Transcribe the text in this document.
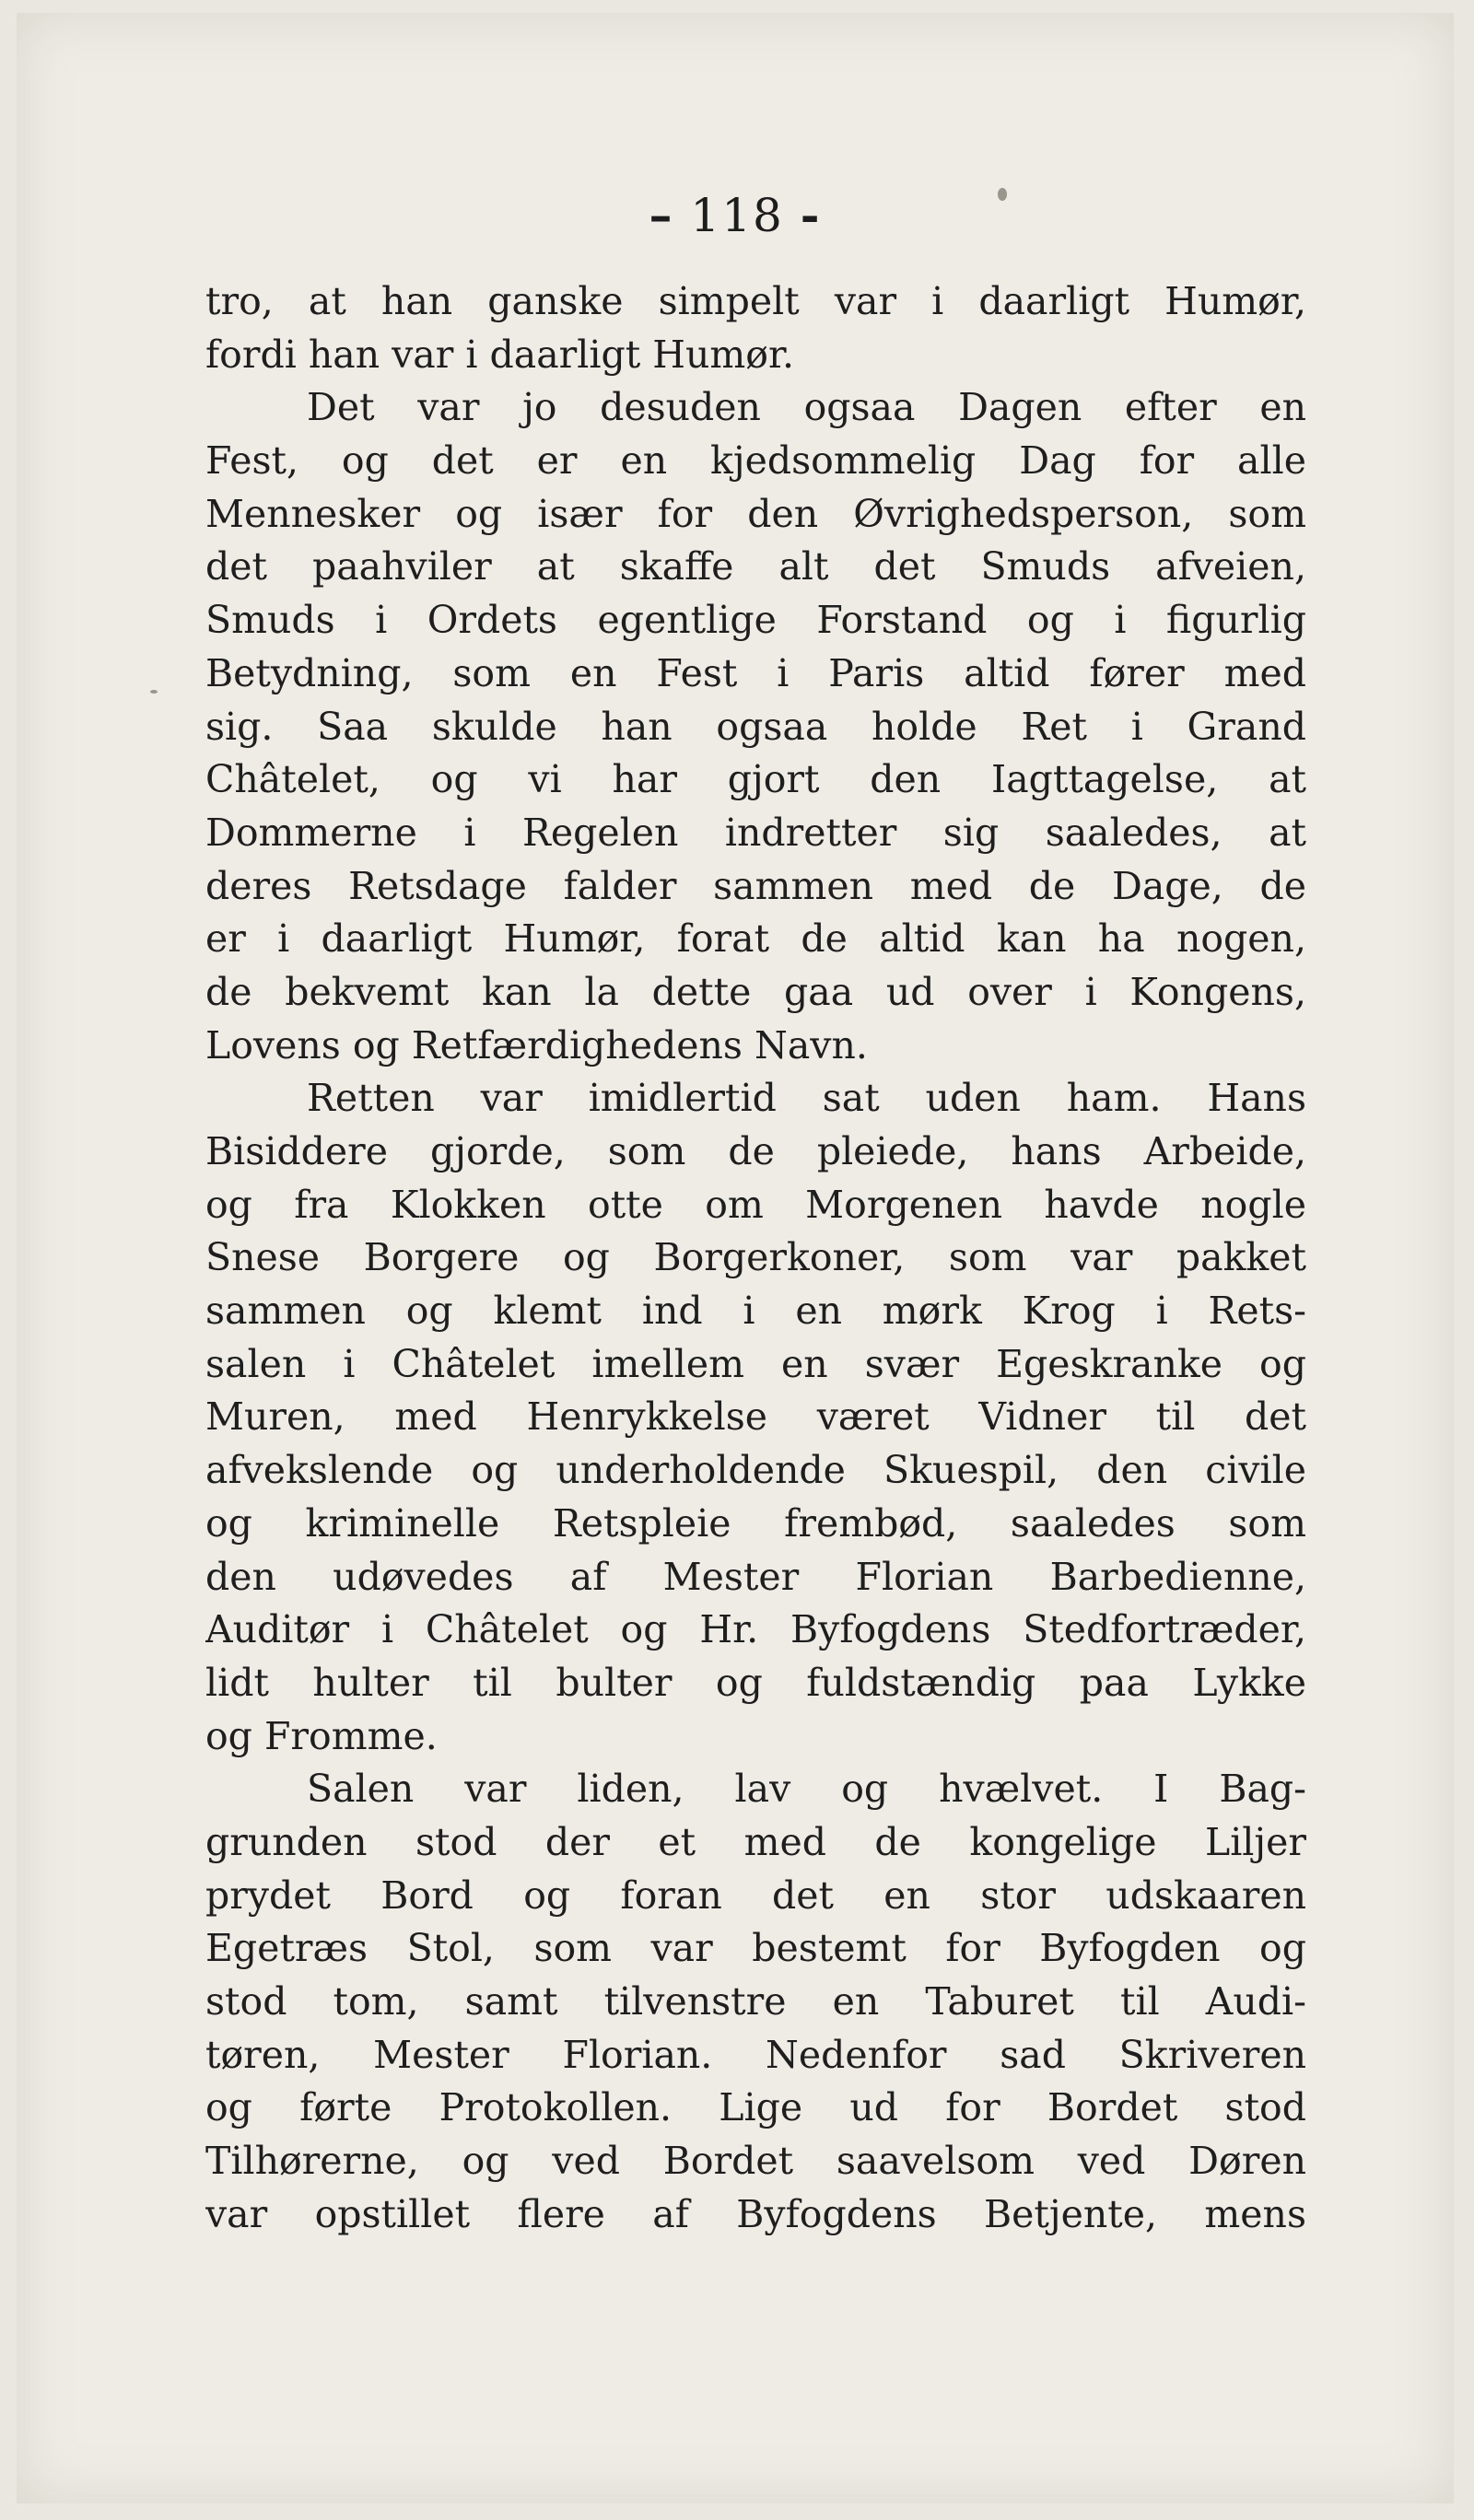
– 118 -
tro, at han ganske simpelt var i daarligt Humør,
fordi han var i daarligt Humør.
Det var jo desuden ogsaa Dagen efter en
Fest, og det er en kjedsommelig Dag for alle
Mennesker og især for den Øvrighedsperson, som
det paahviler at skaffe alt det Smuds afveien,
Smuds i Ordets egentlige Forstand og i figurlig
Betydning, som en Fest i Paris altid fører med
sig. Saa skulde han ogsaa holde Ret i Grand
Châtelet, og vi har gjort den Iagttagelse, at
Dommerne i Regelen indretter sig saaledes, at
deres Retsdage falder sammen med de Dage, de
er i daarligt Humør, forat de altid kan ha nogen,
de bekvemt kan la dette gaa ud over i Kongens,
Lovens og Retfærdighedens Navn.
Retten var imidlertid sat uden ham. Hans
Bisiddere gjorde, som de pleiede, hans Arbeide,
og fra Klokken otte om Morgenen havde nogle
Snese Borgere og Borgerkoner, som var pakket
sammen og klemt ind i en mørk Krog i Rets-
salen i Châtelet imellem en svær Egeskranke og
Muren, med Henrykkelse været Vidner til det
afvekslende og underholdende Skuespil, den civile
og kriminelle Retspleie frembød, saaledes som
den udøvedes af Mester Florian Barbedienne,
Auditør i Châtelet og Hr. Byfogdens Stedfortræder,
lidt hulter til bulter og fuldstændig paa Lykke
og Fromme.
Salen var liden, lav og hvælvet. I Bag-
grunden stod der et med de kongelige Liljer
prydet Bord og foran det en stor udskaaren
Egetræs Stol, som var bestemt for Byfogden og
stod tom, samt tilvenstre en Taburet til Audi-
tøren, Mester Florian. Nedenfor sad Skriveren
og førte Protokollen. Lige ud for Bordet stod
Tilhørerne, og ved Bordet saavelsom ved Døren
var opstillet flere af Byfogdens Betjente, mens
